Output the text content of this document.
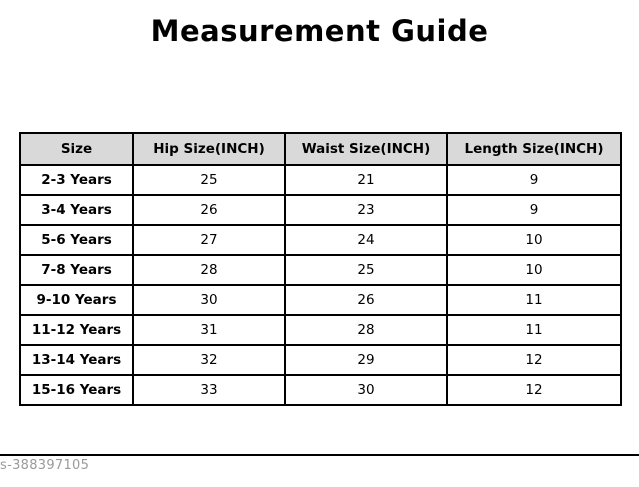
Measurement Guide
Size	Hip Size(INCH)	Waist Size(INCH)	Length Size(INCH)
2-3 Years	25	21	9
3-4 Years	26	23	9
5-6 Years	27	24	10
7-8 Years	28	25	10
9-10 Years	30	26	11
11-12 Years	31	28	11
13-14 Years	32	29	12
15-16 Years	33	30	12
s-388397105
